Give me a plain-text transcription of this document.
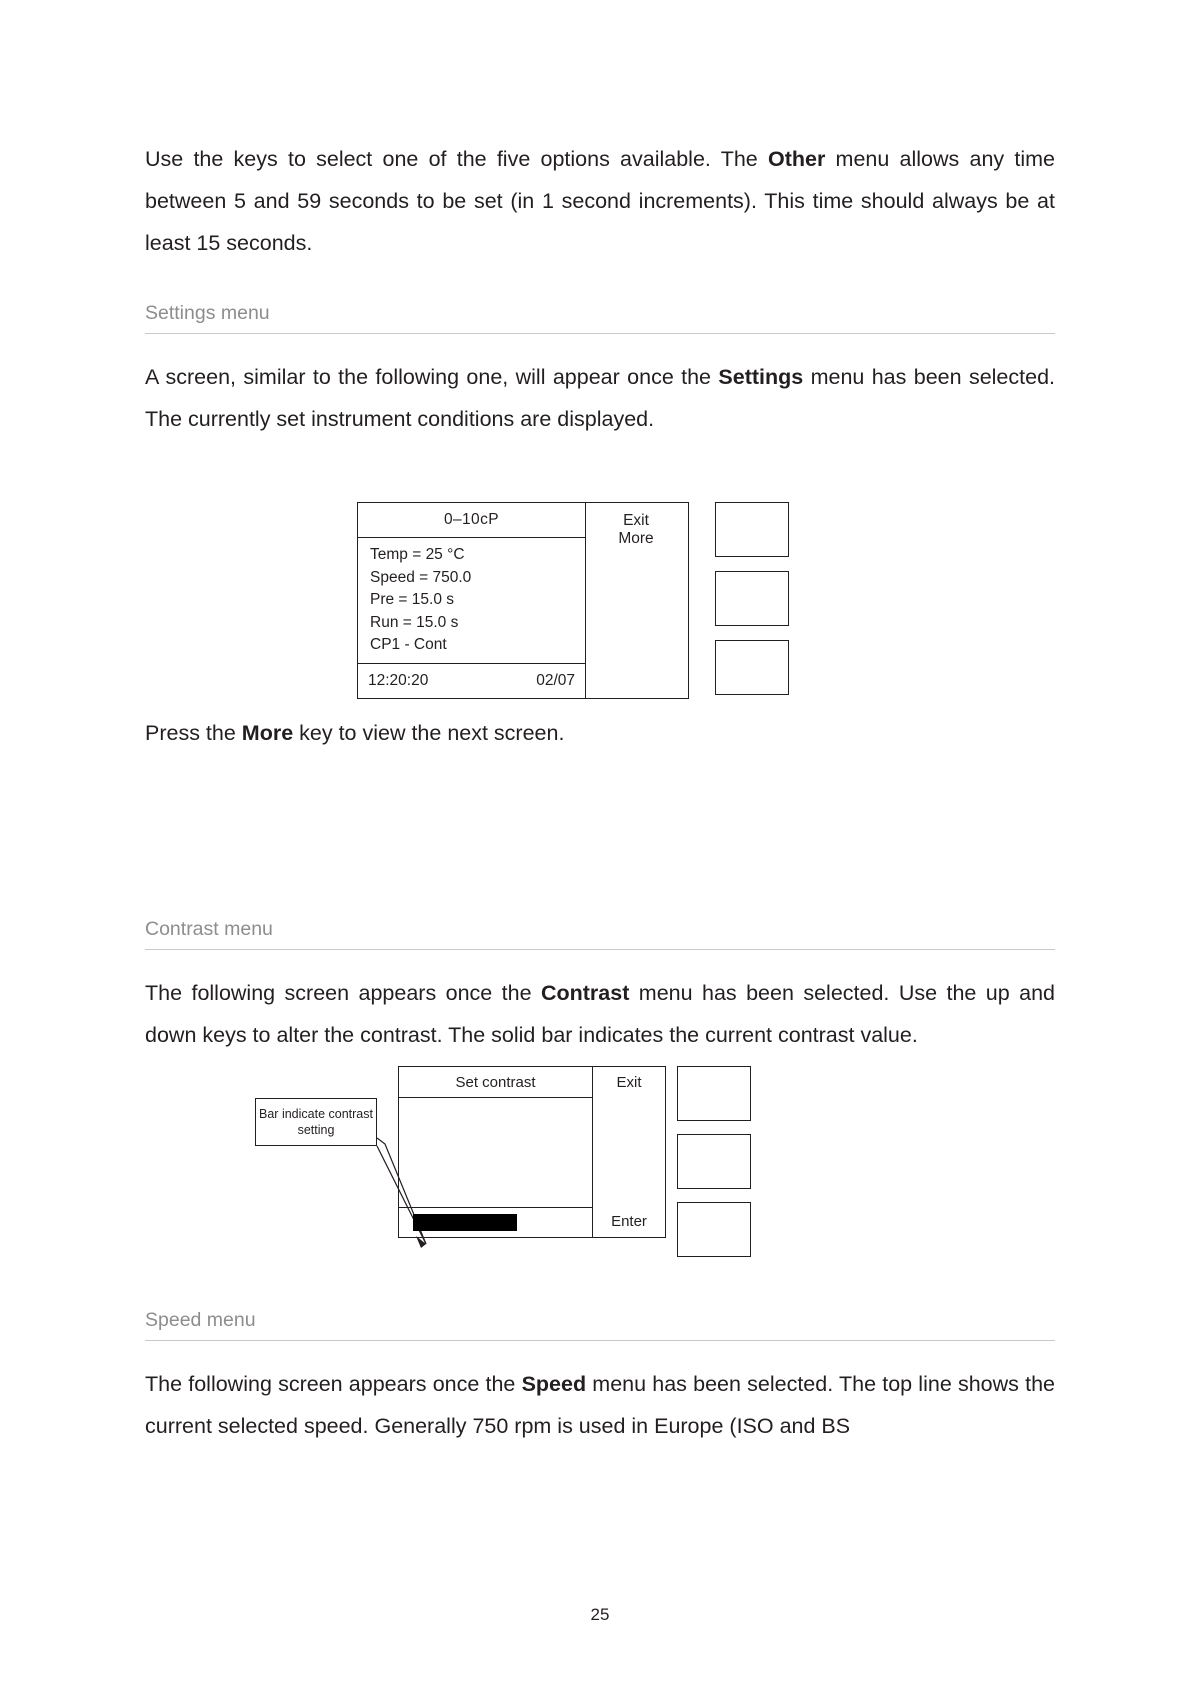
Use the keys to select one of the five options available. The Other menu allows any time between 5 and 59 seconds to be set (in 1 second increments). This time should always be at least 15 seconds.

Settings menu

A screen, similar to the following one, will appear once the Settings menu has been selected. The currently set instrument conditions are displayed.

0–10cP
Temp = 25 °C
Speed = 750.0
Pre = 15.0 s
Run = 15.0 s
CP1 - Cont
12:20:20	02/07
Exit
More

Press the More key to view the next screen.

Contrast menu

The following screen appears once the Contrast menu has been selected. Use the up and down keys to alter the contrast. The solid bar indicates the current contrast value.

Bar indicate contrast setting
Set contrast	Exit
Enter
Speed menu

The following screen appears once the Speed menu has been selected. The top line shows the current selected speed. Generally 750 rpm is used in Europe (ISO and BS

25
